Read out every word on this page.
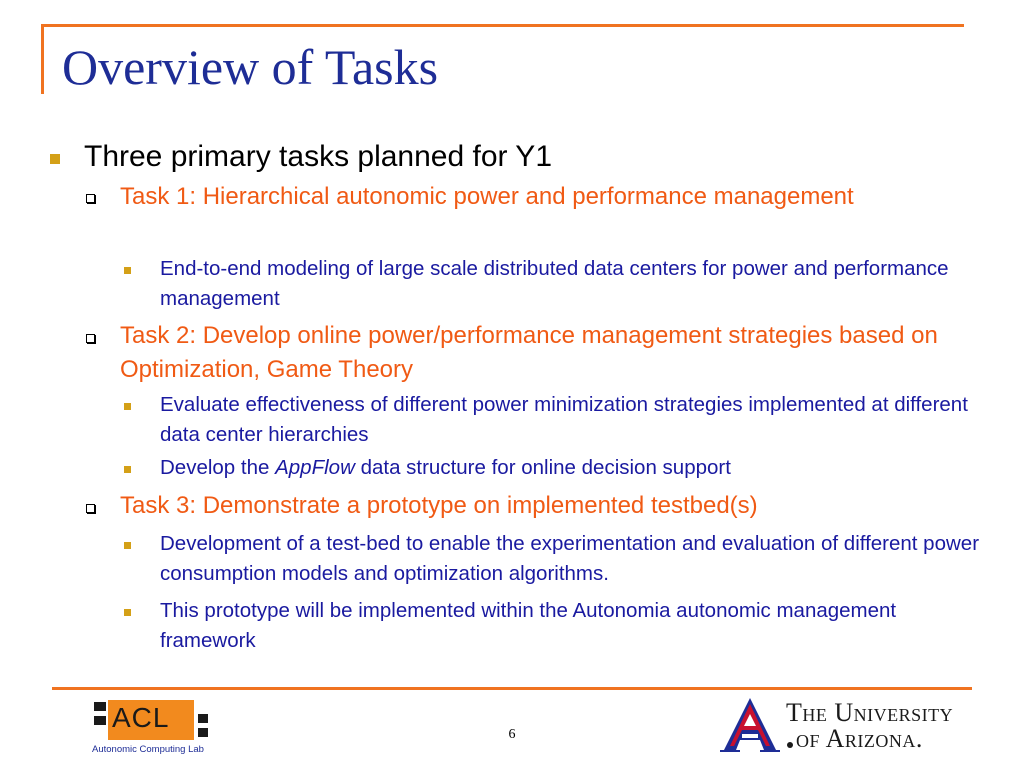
Overview of Tasks
Three primary tasks planned for Y1
Task 1: Hierarchical autonomic power and performance management
End-to-end modeling of large scale distributed data centers for power and performance management
Task 2: Develop online power/performance management strategies based on Optimization, Game Theory
Evaluate effectiveness of different power minimization strategies implemented at different data center hierarchies
Develop the AppFlow data structure for online decision support
Task 3: Demonstrate a prototype on implemented testbed(s)
Development of a test-bed to enable the experimentation and evaluation of different power consumption models and optimization algorithms.
This prototype will be implemented within the Autonomia autonomic management framework
ACL
Autonomic Computing Lab
6
The University
of Arizona.
